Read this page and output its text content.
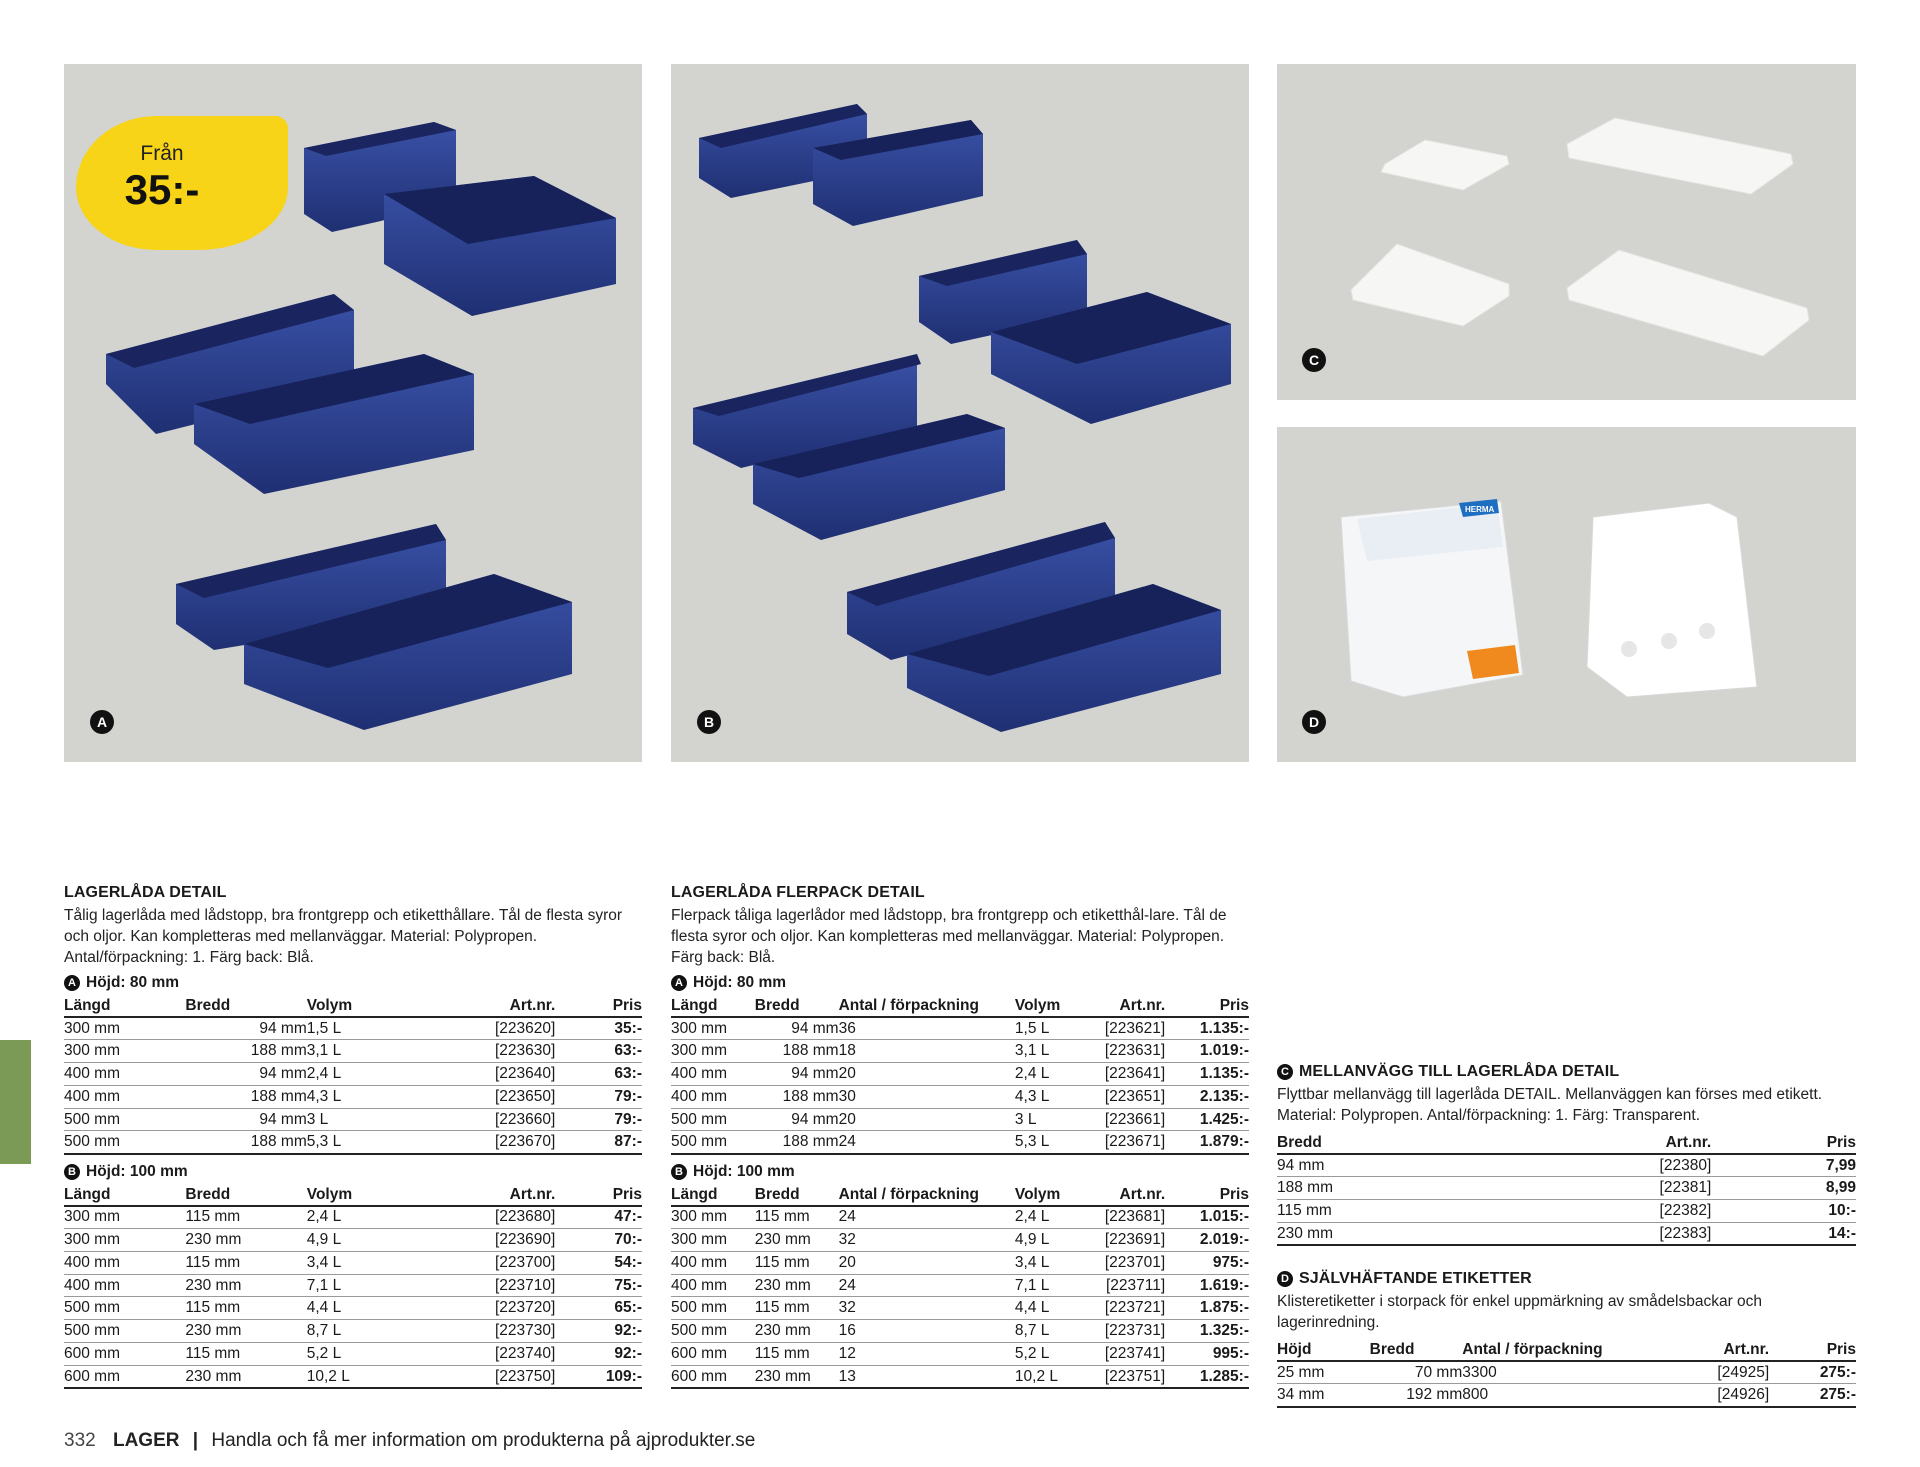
A
Från
35:-
B
C
HERMA
D
LAGERLÅDA DETAIL
Tålig lagerlåda med lådstopp, bra frontgrepp och etiketthållare. Tål de flesta syror och oljor. Kan kompletteras med mellanväggar. Material: Polypropen. Antal/förpackning: 1. Färg back: Blå.
A Höjd: 80 mm
Längd	Bredd	Volym	Art.nr.	Pris
300 mm	94 mm	1,5 L	[223620]	35:-
300 mm	188 mm	3,1 L	[223630]	63:-
400 mm	94 mm	2,4 L	[223640]	63:-
400 mm	188 mm	4,3 L	[223650]	79:-
500 mm	94 mm	3 L	[223660]	79:-
500 mm	188 mm	5,3 L	[223670]	87:-
B Höjd: 100 mm
Längd	Bredd	Volym	Art.nr.	Pris
300 mm	115 mm	2,4 L	[223680]	47:-
300 mm	230 mm	4,9 L	[223690]	70:-
400 mm	115 mm	3,4 L	[223700]	54:-
400 mm	230 mm	7,1 L	[223710]	75:-
500 mm	115 mm	4,4 L	[223720]	65:-
500 mm	230 mm	8,7 L	[223730]	92:-
600 mm	115 mm	5,2 L	[223740]	92:-
600 mm	230 mm	10,2 L	[223750]	109:-
LAGERLÅDA FLERPACK DETAIL
Flerpack tåliga lagerlådor med lådstopp, bra frontgrepp och etiketthål-lare. Tål de flesta syror och oljor. Kan kompletteras med mellanväggar. Material: Polypropen. Färg back: Blå.
A Höjd: 80 mm
Längd	Bredd	Antal / förpackning	Volym	Art.nr.	Pris
300 mm	94 mm	36	1,5 L	[223621]	1.135:-
300 mm	188 mm	18	3,1 L	[223631]	1.019:-
400 mm	94 mm	20	2,4 L	[223641]	1.135:-
400 mm	188 mm	30	4,3 L	[223651]	2.135:-
500 mm	94 mm	20	3 L	[223661]	1.425:-
500 mm	188 mm	24	5,3 L	[223671]	1.879:-
B Höjd: 100 mm
Längd	Bredd	Antal / förpackning	Volym	Art.nr.	Pris
300 mm	115 mm	24	2,4 L	[223681]	1.015:-
300 mm	230 mm	32	4,9 L	[223691]	2.019:-
400 mm	115 mm	20	3,4 L	[223701]	975:-
400 mm	230 mm	24	7,1 L	[223711]	1.619:-
500 mm	115 mm	32	4,4 L	[223721]	1.875:-
500 mm	230 mm	16	8,7 L	[223731]	1.325:-
600 mm	115 mm	12	5,2 L	[223741]	995:-
600 mm	230 mm	13	10,2 L	[223751]	1.285:-
C MELLANVÄGG TILL LAGERLÅDA DETAIL
Flyttbar mellanvägg till lagerlåda DETAIL. Mellanväggen kan förses med etikett. Material: Polypropen. Antal/förpackning: 1. Färg: Transparent.
Bredd	Art.nr.	Pris
94 mm	[22380]	7,99
188 mm	[22381]	8,99
115 mm	[22382]	10:-
230 mm	[22383]	14:-
D SJÄLVHÄFTANDE ETIKETTER
Klisteretiketter i storpack för enkel uppmärkning av smådelsbackar och lagerinredning.
Höjd	Bredd	Antal / förpackning	Art.nr.	Pris
25 mm	70 mm	3300	[24925]	275:-
34 mm	192 mm	800	[24926]	275:-
332 LAGER | Handla och få mer information om produkterna på ajprodukter.se
